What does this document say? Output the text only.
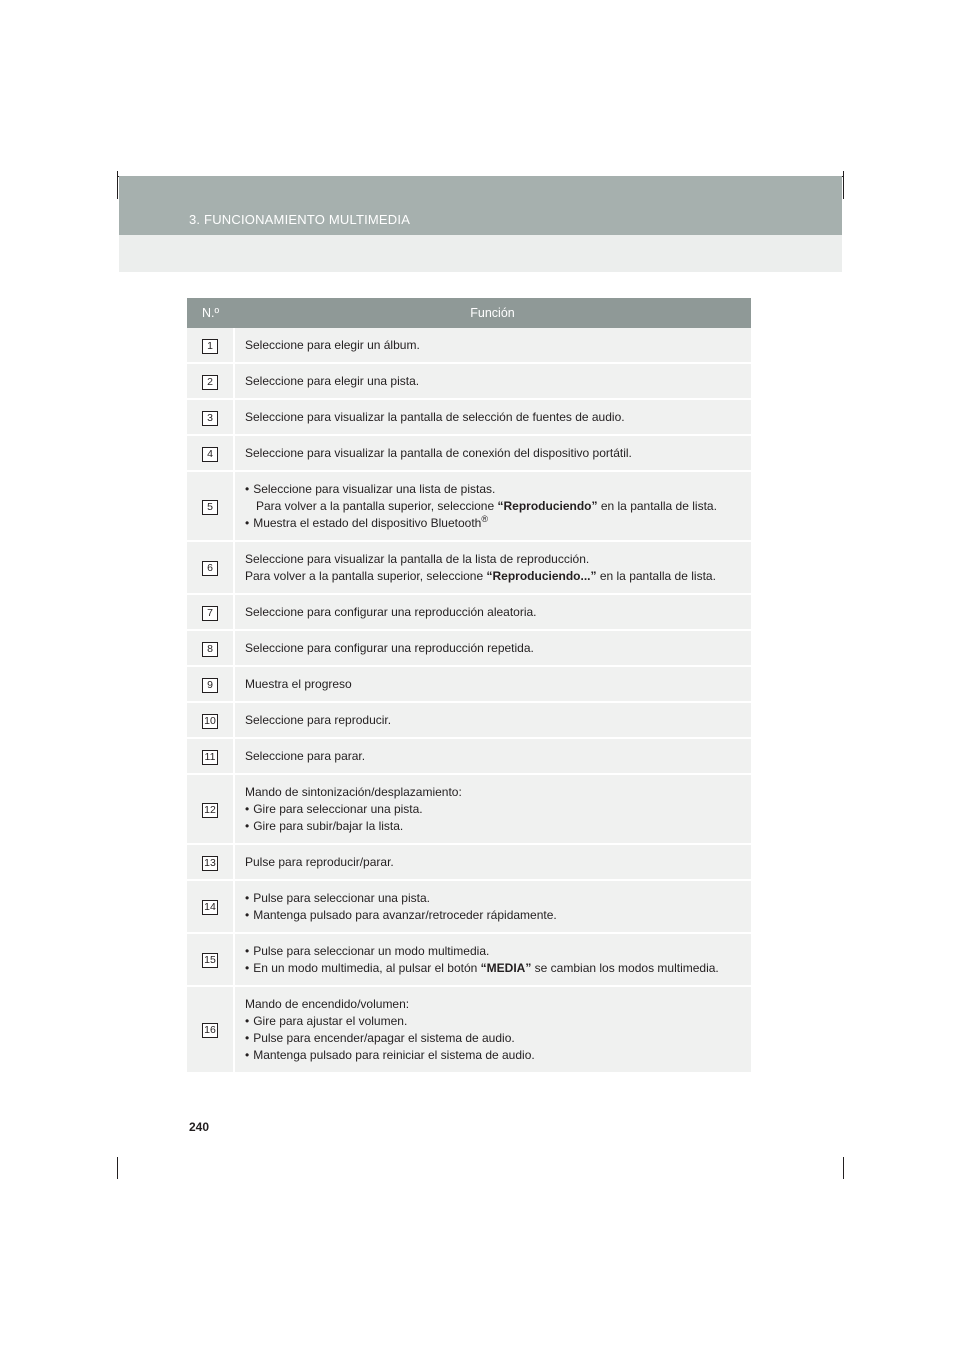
3. FUNCIONAMIENTO MULTIMEDIA
N.º	Función
1	Seleccione para elegir un álbum.

2	Seleccione para elegir una pista.

3	Seleccione para visualizar la pantalla de selección de fuentes de audio.

4	Seleccione para visualizar la pantalla de conexión del dispositivo portátil.

5	• Seleccione para visualizar una lista de pistas.
Para volver a la pantalla superior, seleccione “Reproduciendo” en la pantalla de lista.
• Muestra el estado del dispositivo Bluetooth®

6	Seleccione para visualizar la pantalla de la lista de reproducción.
Para volver a la pantalla superior, seleccione “Reproduciendo...” en la pantalla de lista.

7	Seleccione para configurar una reproducción aleatoria.

8	Seleccione para configurar una reproducción repetida.

9	Muestra el progreso

10	Seleccione para reproducir.

11	Seleccione para parar.

12	Mando de sintonización/desplazamiento:
• Gire para seleccionar una pista.
• Gire para subir/bajar la lista.

13	Pulse para reproducir/parar.

14	• Pulse para seleccionar una pista.
• Mantenga pulsado para avanzar/retroceder rápidamente.

15	• Pulse para seleccionar un modo multimedia.
• En un modo multimedia, al pulsar el botón “MEDIA” se cambian los modos multimedia.

16	Mando de encendido/volumen:
• Gire para ajustar el volumen.
• Pulse para encender/apagar el sistema de audio.
• Mantenga pulsado para reiniciar el sistema de audio.
240
